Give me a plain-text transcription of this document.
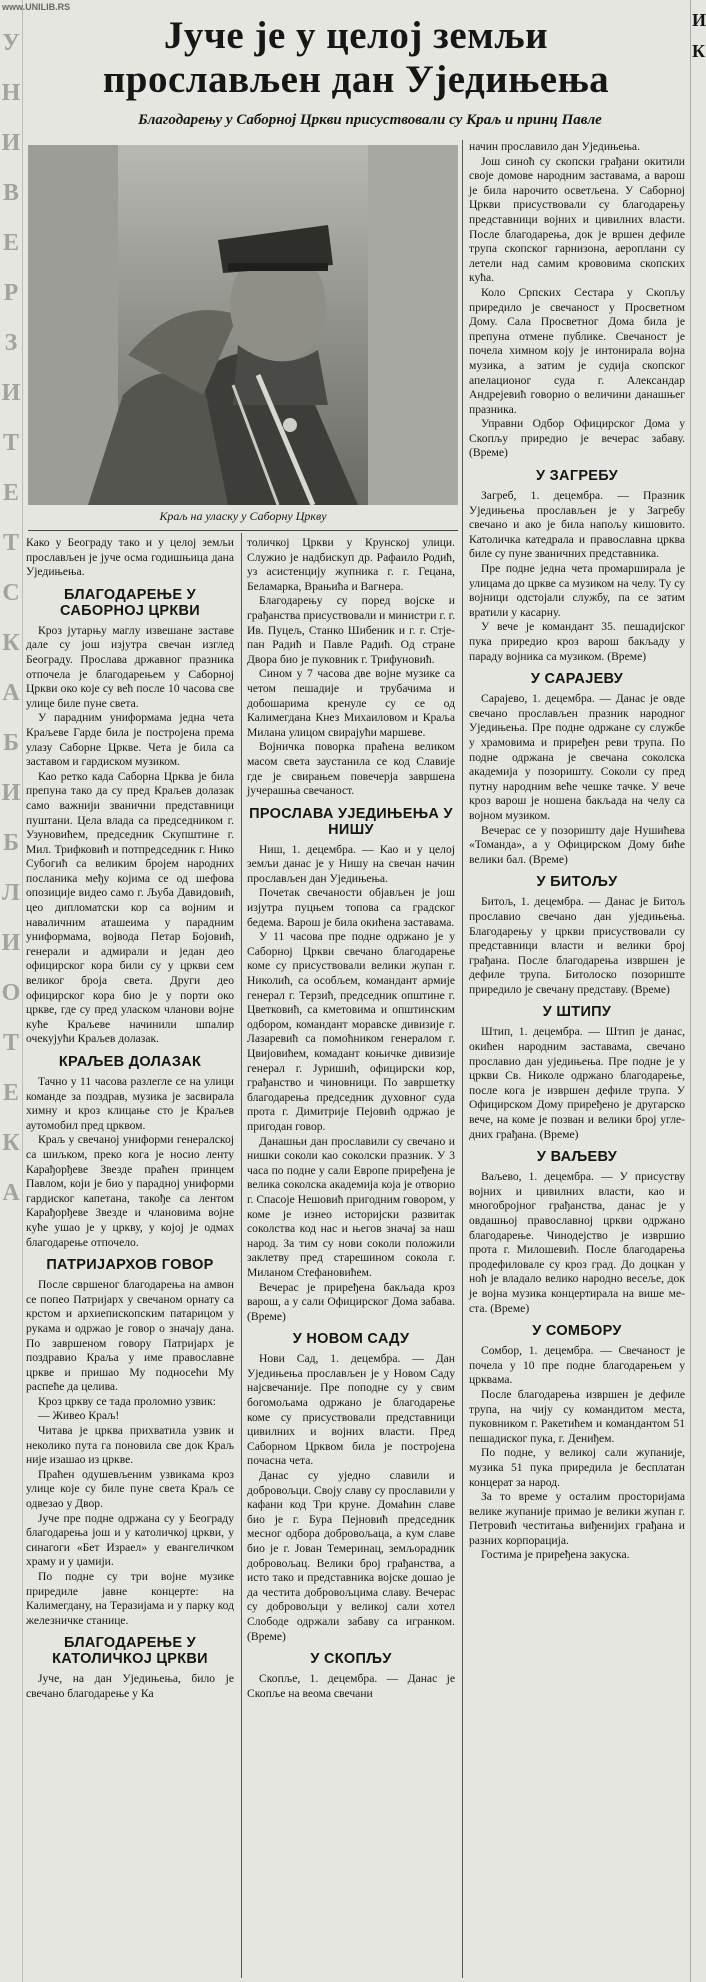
www.UNILIB.RS
У
Н
И
В
Е
Р
З
И
Т
Е
Т
С
К
А
Б
И
Б
Л
И
О
Т
Е
К
А
И
К
Јуче је у целој земљи
прослављен дан Уједињења
Благодарењу у Саборној Цркви присуствовали су Краљ и принц Павле
Краљ на уласку у Саборну Цркву

Како у Београду тако и у целој земљи прослављен је јуче осма годишњица дана Уједињења.

БЛАГОДАРЕЊЕ У САБОРНОЈ ЦРКВИ

Кроз јутарњу маглу извешане заставе дале су још изјутра свечан изглед Београду. Прослава државног празника отпочела је благодарењем у Саборној Цркви око које су већ после 10 часова све улице биле пуне света.

У парадним униформама једна чета Краљеве Гарде била је постројена према улазу Саборне Цркве. Чета је била са заставом и гардиском музиком.

Као ретко када Саборна Црква је била препуна тако да су пред Краљев долазак само важнији званични представници пуштани. Цела влада са председником г. Узуновићем, председник Скупштине г. Мил. Трифковић и потпредседник г. Нико Субогић са великим бројем народних посланика међу којима се од шефова опозиције видео само г. Љуба Давидовић, цео дипломатски кор са војним и наваличним аташеима у парадним униформама, војвода Петар Бојовић, генерали и адмирали и један део официрског кора били су у цркви сем великог броја света. Други део официрског кора био је у порти око цркве, где су пред уласком чланови војне куће Краљеве начинили шпалир очекујући Краљев долазак.

КРАЉЕВ ДОЛАЗАК

Тачно у 11 часова разлегле се на улици команде за поздрав, музика је засвирала химну и кроз клицање сто је Краљев аутомобил пред црквом.

Краљ у свечаној униформи генералској са шиљком, преко кога је носио ленту Карађорђеве Звезде праћен принцем Павлом, који је био у парадној униформи гардиског капетана, такође са лентом Карађорђеве Звезде и члановима војне куће ушао је у цркву, у којој је одмах благодарење отпочело.

ПАТРИЈАРХОВ ГОВОР

После свршеног благодарења на амвон се попео Патријарх у свечаном орнату са крстом и архиепископским патарицом у рукама и одржао је говор о значају дана. По завршеном говору Патријарх је поздравио Краља у име православне цркве и пришао Му подносећи Му распеће да целива.

Кроз цркву се тада проломио узвик:

— Живео Краљ!

Читава је црква прихватила узвик и неколико пута га поновила све док Краљ није изашао из цркве.

Праћен одушевљеним узвикама кроз улице које су биле пуне света Краљ се одвезао у Двор.

Јуче пре подне одржана су у Београду благодарења још и у католичкој цркви, у синагоги «Бет Израел» у евангеличком храму и у џамији.

По подне су три војне музике приредиле јавне концерте: на Калимегдану, на Теразијама и у парку код железничке станице.

БЛАГОДАРЕЊЕ У КАТОЛИЧКОЈ ЦРКВИ

Јуче, на дан Уједињења, било је свечано благодарење у Ка

толичкој Цркви у Крунској улици. Служио је надбискуп др. Рафаило Родић, уз асистенцију жупника г. г. Гецана, Беламарка, Врањића и Вагнера.

Благодарењу су поред војске и грађанства присуствовали и министри г. г. Ив. Пуцељ, Станко Шибеник и г. г. Стјепан Радић и Павле Радић. Од стране Двора био је пуковник г. Трифуновић.

Сином у 7 часова две војне музике са четом пешадије и трубачима и добошарима кренуле су се од Калимегдана Кнез Михаиловом и Краља Милана улицом свирајући маршеве.

Војничка поворка праћена великом масом света заустанила се код Славије где је свирањем повечерја завршена јучерашња свечаност.

ПРОСЛАВА УЈЕДИЊЕЊА У НИШУ

Ниш, 1. децембра. — Као и у целој земљи данас је у Нишу на свечан начин прослављен дан Уједињења.

Почетак свечаности објављен је још изјутра пуцњем топова са градског бедема. Варош је била окићена заставама.

У 11 часова пре подне одржано је у Саборној Цркви свечано благодарење коме су присуствовали велики жупан г. Николић, са особљем, командант армије генерал г. Терзић, председник општине г. Цветковић, са кметовима и општинским одбором, командант моравске дивизије г. Лазаревић са помоћником генералом г. Цвијовићем, комадант коњичке дивизије генерал г. Јуришић, официрски кор, грађанство и чиновници. По завршетку благодарења председник духовног суда прота г. Димитрије Пејовић одржао је пригодан говор.

Данашњи дан прославили су свечано и нишки соколи као соколски празник. У 3 часа по подне у сали Европе приређена је велика соколска академија која је отворио г. Спасоје Нешовић пригодним говором, у коме је изнео историјски развитак соколства код нас и његов значај за наш народ. За тим су нови соколи положили заклетву пред старешином сокола г. Миланом Стефановићем.

Вечерас је приређена бакљада кроз варош, а у сали Официрског Дома забава. (Време)

У НОВОМ САДУ

Нови Сад, 1. децембра. — Дан Уједињења прослављен је у Новом Саду најсвечаније. Пре поподне су у свим богомољама одржано је благодарење коме су присуствовали представници цивилних и војних власти. Пред Саборном Црквом била је постројена почасна чета.

Данас су уједно славили и добровољци. Своју славу су прославили у кафани код Три круне. Домаћин славе био је г. Бура Пејновић председник месног одбора добровољаца, а кум славе био је г. Јован Темеринац, земљорадник добровољац. Велики број грађанства, а исто тако и представника војске дошао је да честита добровољцима славу. Вечерас су добровољци у великој сали хотел Слободе одржали забаву са игранком. (Време)

У СКОПЉУ

Скопље, 1. децембра. — Данас је Скопље на веома свечани

начин прославило дан Уједињења.

Још синоћ су скопски грађани окитили своје домове народним заставама, а варош је била нарочито осветљена. У Саборној Цркви присуствовали су благодарењу представници војних и цивилних власти. После благодарења, док је вршен дефиле трупа скопског гарнизона, аероплани су летели над самим крововима скопских кућа.

Коло Српских Сестара у Скопљу приредило је свечаност у Просветном Дому. Сала Просветног Дома била је препуна отмене публике. Свечаност је почела химном коју је интонирала војна музика, а затим је судија скопског апелационог суда г. Александар Андрејевић говорио о величини данашњег празника.

Управни Одбор Официрског Дома у Скопљу приредио је вечерас забаву. (Време)

У ЗАГРЕБУ

Загреб, 1. децембра. — Празник Уједињења прослављен је у Загребу свечано и ако је била напољу кишовито. Католичка катедрала и православна црква биле су пуне званичних представника.

Пре подне једна чета промарширала је улицама до цркве са музиком на челу. Ту су војници одстојали службу, па се затим вратили у касарну.

У вече је командант 35. пешадијског пука приредио кроз варош бакљаду у параду војника са музиком. (Време)

У САРАЈЕВУ

Сарајево, 1. децембра. — Данас је овде свечано прослављен празник народног Уједињења. Пре подне одржане су службе у храмовима и приређен реви трупа. По подне одржана је свечана соколска академија у позоришту. Соколи су пред путну народним веће чешке тачке. У вече кроз варош је ношена бакљада на челу са војном музиком.

Вечерас се у позоришту даје Нушићева «Томанда», а у Официрском Дому биће велики бал. (Време)

У БИТОЉУ

Битољ, 1. децембра. — Данас је Битољ прославио свечано дан уједињења. Благодарењу у цркви присуствовали су представници власти и велики број грађана. После благодарења извршен је дефиле трупа. Битолоско позориште приредило је свечану представу. (Време)

У ШТИПУ

Штип, 1. децембра. — Штип је данас, окићен народним заставама, свечано прославио дан уједињења. Пре подне је у цркви Св. Николе одржано благодарење, после кога је извршен дефиле трупа. У Официрском Дому приређено је другарско вече, на коме је позван и велики број угледних грађана. (Време)

У ВАЉЕВУ

Ваљево, 1. децембра. — У присуству војних и цивилних власти, као и многобројног грађанства, данас је у овдашњој православној цркви одржано благодарење. Чинодејство је извршио прота г. Милошевић. После благодарења продефиловале су кроз град. До доцкан у ноћ је владало велико народно весеље, док је војна музика концертирала на више места. (Време)

У СОМБОРУ

Сомбор, 1. децембра. — Свечаност је почела у 10 пре подне благодарењем у црквама.

После благодарења извршен је дефиле трупа, на чију су командитом места, пуковником г. Ракетићем и командантом 51 пешадиског пука, г. Дениђем.

По подне, у великој сали жупаније, музика 51 пука приредила је бесплатан концерат за народ.

За то време у осталим просторијама велике жупаније примао је велики жупан г. Петровић честитања виђенијих грађана и разних корпорација.

Гостима је приређена закуска.
